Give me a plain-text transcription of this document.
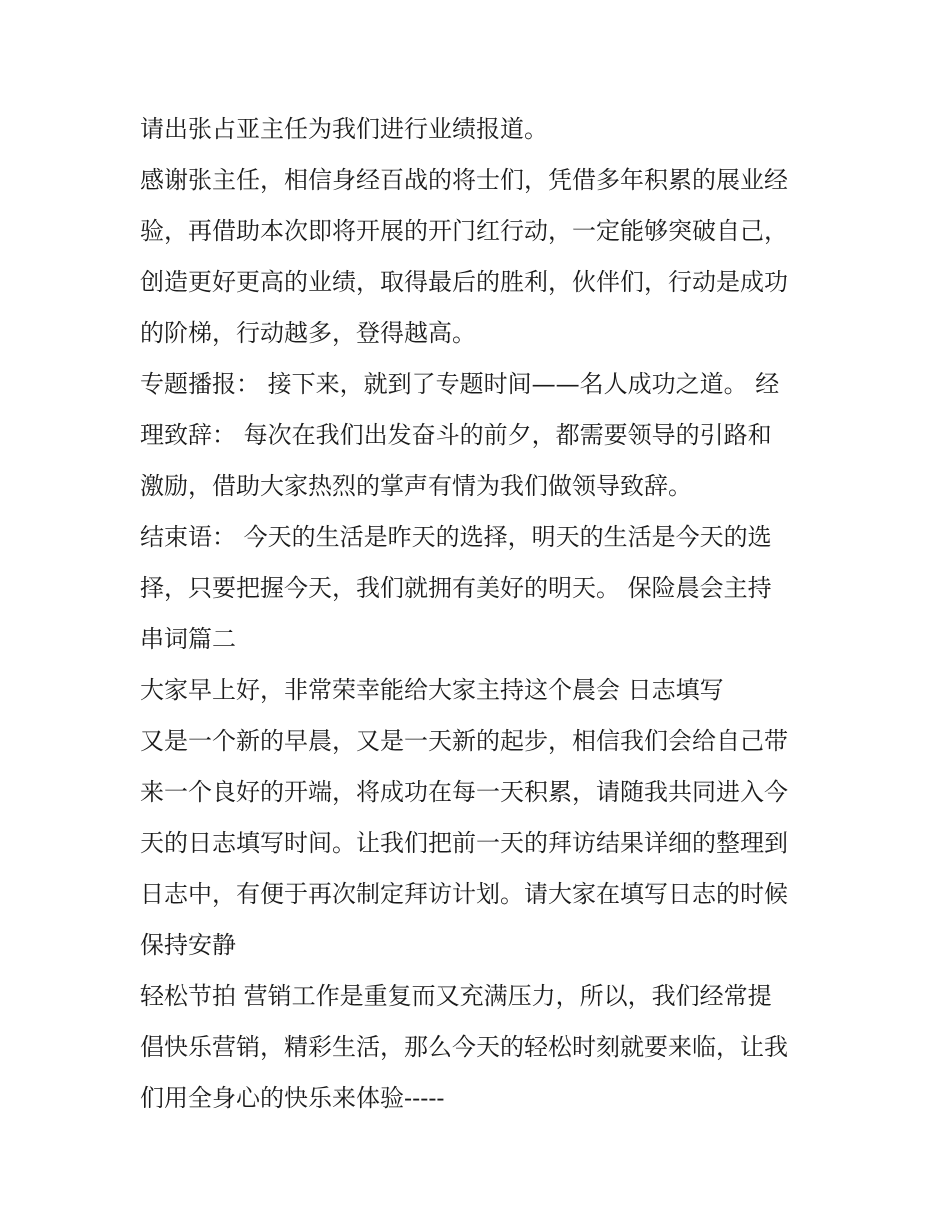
请出张占亚主任为我们进行业绩报道。
感谢张主任，相信身经百战的将士们，凭借多年积累的展业经
验，再借助本次即将开展的开门红行动，一定能够突破自己，
创造更好更高的业绩，取得最后的胜利，伙伴们，行动是成功
的阶梯，行动越多，登得越高。
专题播报： 接下来，就到了专题时间——名人成功之道。 经
理致辞： 每次在我们出发奋斗的前夕，都需要领导的引路和
激励，借助大家热烈的掌声有情为我们做领导致辞。
结束语： 今天的生活是昨天的选择，明天的生活是今天的选
择，只要把握今天，我们就拥有美好的明天。 保险晨会主持
串词篇二
大家早上好，非常荣幸能给大家主持这个晨会 日志填写
又是一个新的早晨，又是一天新的起步，相信我们会给自己带
来一个良好的开端，将成功在每一天积累，请随我共同进入今
天的日志填写时间。让我们把前一天的拜访结果详细的整理到
日志中，有便于再次制定拜访计划。请大家在填写日志的时候
保持安静
轻松节拍 营销工作是重复而又充满压力，所以，我们经常提
倡快乐营销，精彩生活，那么今天的轻松时刻就要来临，让我
们用全身心的快乐来体验-----
